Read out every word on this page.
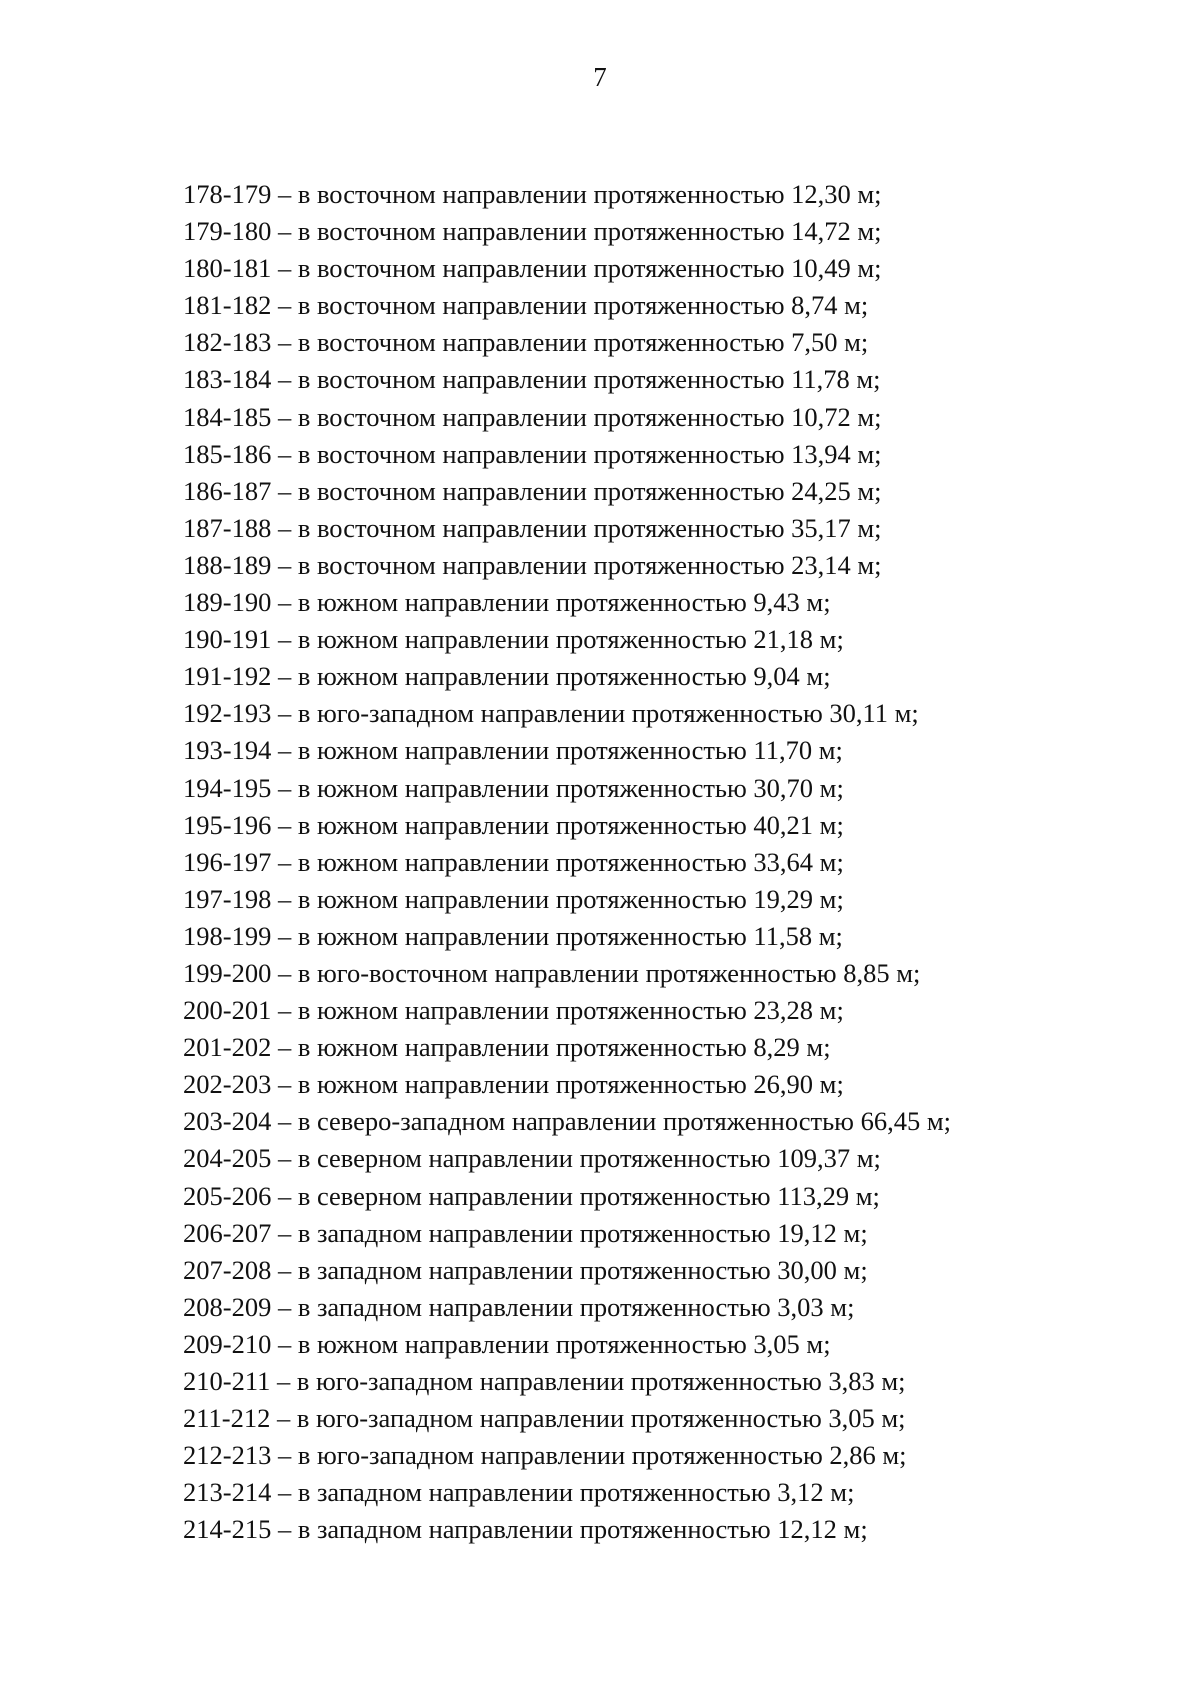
7
178-179 – в восточном направлении протяженностью 12,30 м;
179-180 – в восточном направлении протяженностью 14,72 м;
180-181 – в восточном направлении протяженностью 10,49 м;
181-182 – в восточном направлении протяженностью 8,74 м;
182-183 – в восточном направлении протяженностью 7,50 м;
183-184 – в восточном направлении протяженностью 11,78 м;
184-185 – в восточном направлении протяженностью 10,72 м;
185-186 – в восточном направлении протяженностью 13,94 м;
186-187 – в восточном направлении протяженностью 24,25 м;
187-188 – в восточном направлении протяженностью 35,17 м;
188-189 – в восточном направлении протяженностью 23,14 м;
189-190 – в южном направлении протяженностью 9,43 м;
190-191 – в южном направлении протяженностью 21,18 м;
191-192 – в южном направлении протяженностью 9,04 м;
192-193 – в юго-западном направлении протяженностью 30,11 м;
193-194 – в южном направлении протяженностью 11,70 м;
194-195 – в южном направлении протяженностью 30,70 м;
195-196 – в южном направлении протяженностью 40,21 м;
196-197 – в южном направлении протяженностью 33,64 м;
197-198 – в южном направлении протяженностью 19,29 м;
198-199 – в южном направлении протяженностью 11,58 м;
199-200 – в юго-восточном направлении протяженностью 8,85 м;
200-201 – в южном направлении протяженностью 23,28 м;
201-202 – в южном направлении протяженностью 8,29 м;
202-203 – в южном направлении протяженностью 26,90 м;
203-204 – в северо-западном направлении протяженностью 66,45 м;
204-205 – в северном направлении протяженностью 109,37 м;
205-206 – в северном направлении протяженностью 113,29 м;
206-207 – в западном направлении протяженностью 19,12 м;
207-208 – в западном направлении протяженностью 30,00 м;
208-209 – в западном направлении протяженностью 3,03 м;
209-210 – в южном направлении протяженностью 3,05 м;
210-211 – в юго-западном направлении протяженностью 3,83 м;
211-212 – в юго-западном направлении протяженностью 3,05 м;
212-213 – в юго-западном направлении протяженностью 2,86 м;
213-214 – в западном направлении протяженностью 3,12 м;
214-215 – в западном направлении протяженностью 12,12 м;
